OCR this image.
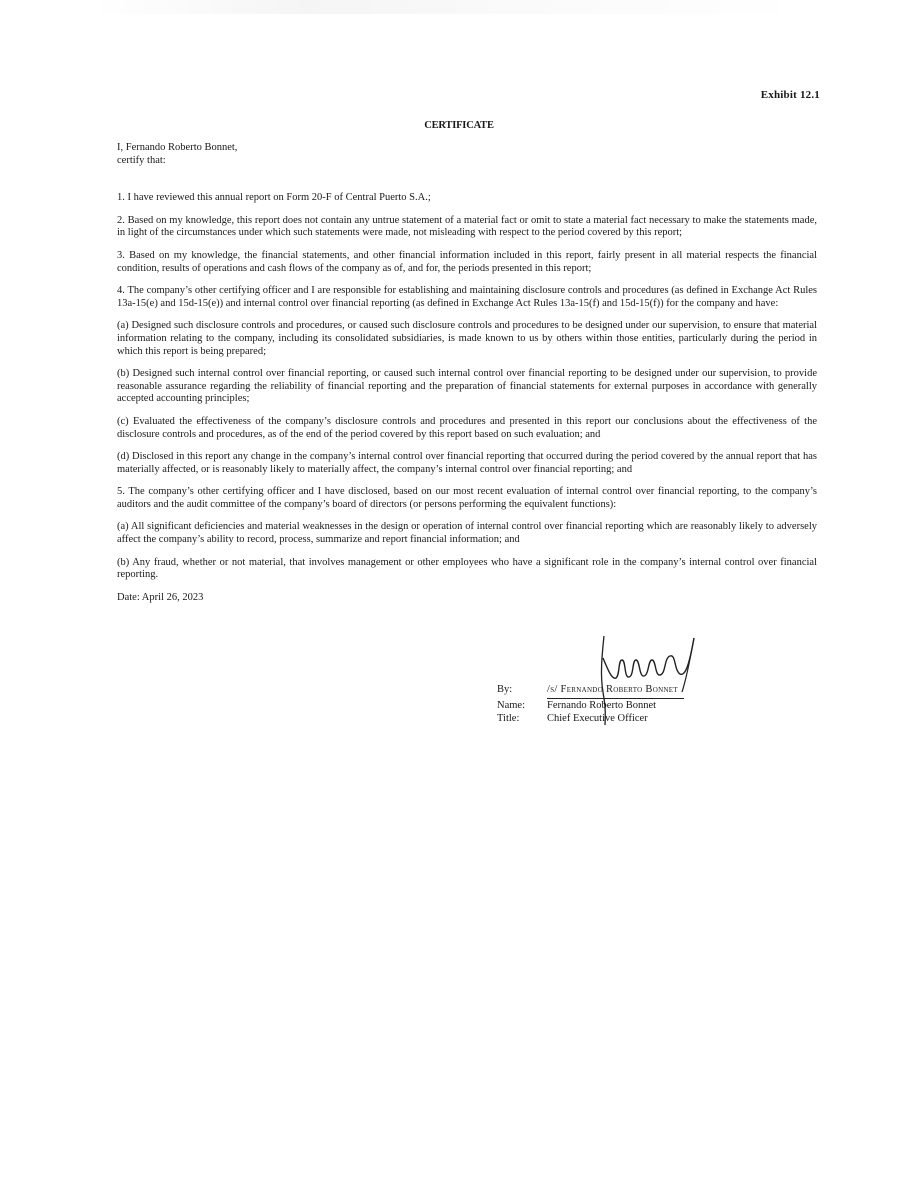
Exhibit 12.1
CERTIFICATE
I, Fernando Roberto Bonnet,
certify that:

1. I have reviewed this annual report on Form 20-F of Central Puerto S.A.;

2. Based on my knowledge, this report does not contain any untrue statement of a material fact or omit to state a material fact necessary to make the statements made, in light of the circumstances under which such statements were made, not misleading with respect to the period covered by this report;

3. Based on my knowledge, the financial statements, and other financial information included in this report, fairly present in all material respects the financial condition, results of operations and cash flows of the company as of, and for, the periods presented in this report;

4. The company’s other certifying officer and I are responsible for establishing and maintaining disclosure controls and procedures (as defined in Exchange Act Rules 13a-15(e) and 15d-15(e)) and internal control over financial reporting (as defined in Exchange Act Rules 13a-15(f) and 15d-15(f)) for the company and have:

(a) Designed such disclosure controls and procedures, or caused such disclosure controls and procedures to be designed under our supervision, to ensure that material information relating to the company, including its consolidated subsidiaries, is made known to us by others within those entities, particularly during the period in which this report is being prepared;

(b) Designed such internal control over financial reporting, or caused such internal control over financial reporting to be designed under our supervision, to provide reasonable assurance regarding the reliability of financial reporting and the preparation of financial statements for external purposes in accordance with generally accepted accounting principles;

(c) Evaluated the effectiveness of the company’s disclosure controls and procedures and presented in this report our conclusions about the effectiveness of the disclosure controls and procedures, as of the end of the period covered by this report based on such evaluation; and

(d) Disclosed in this report any change in the company’s internal control over financial reporting that occurred during the period covered by the annual report that has materially affected, or is reasonably likely to materially affect, the company’s internal control over financial reporting; and

5. The company’s other certifying officer and I have disclosed, based on our most recent evaluation of internal control over financial reporting, to the company’s auditors and the audit committee of the company’s board of directors (or persons performing the equivalent functions):

(a) All significant deficiencies and material weaknesses in the design or operation of internal control over financial reporting which are reasonably likely to adversely affect the company’s ability to record, process, summarize and report financial information; and

(b) Any fraud, whether or not material, that involves management or other employees who have a significant role in the company’s internal control over financial reporting.

Date: April 26, 2023

By:	/s/ Fernando Roberto Bonnet
Name:	Fernando Roberto Bonnet
Title:	Chief Executive Officer
